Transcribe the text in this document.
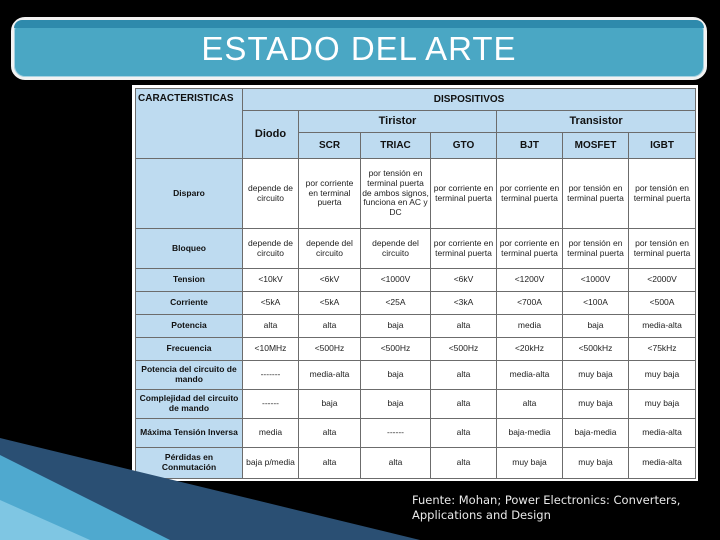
ESTADO DEL ARTE
CARACTERISTICAS	DISPOSITIVOS						
	Diodo	Tiristor			Transistor		
		SCR	TRIAC	GTO	BJT	MOSFET	IGBT
Disparo	depende de circuito	por corriente en terminal puerta	por tensión en terminal puerta de ambos signos, funciona en AC y DC	por corriente en terminal puerta	por corriente en terminal puerta	por tensión en terminal puerta	por tensión en terminal puerta
Bloqueo	depende de circuito	depende del circuito	depende del circuito	por corriente en terminal puerta	por corriente en terminal puerta	por tensión en terminal puerta	por tensión en terminal puerta
Tension	<10kV	<6kV	<1000V	<6kV	<1200V	<1000V	<2000V
Corriente	<5kA	<5kA	<25A	<3kA	<700A	<100A	<500A
Potencia	alta	alta	baja	alta	media	baja	media-alta
Frecuencia	<10MHz	<500Hz	<500Hz	<500Hz	<20kHz	<500kHz	<75kHz
Potencia del circuito de mando	-------	media-alta	baja	alta	media-alta	muy baja	muy baja
Complejidad del circuito de mando	------	baja	baja	alta	alta	muy baja	muy baja
Máxima Tensión Inversa	media	alta	------	alta	baja-media	baja-media	media-alta
Pérdidas en Conmutación	baja p/media	alta	alta	alta	muy baja	muy baja	media-alta
Fuente: Mohan; Power Electronics: Converters, Applications and Design
